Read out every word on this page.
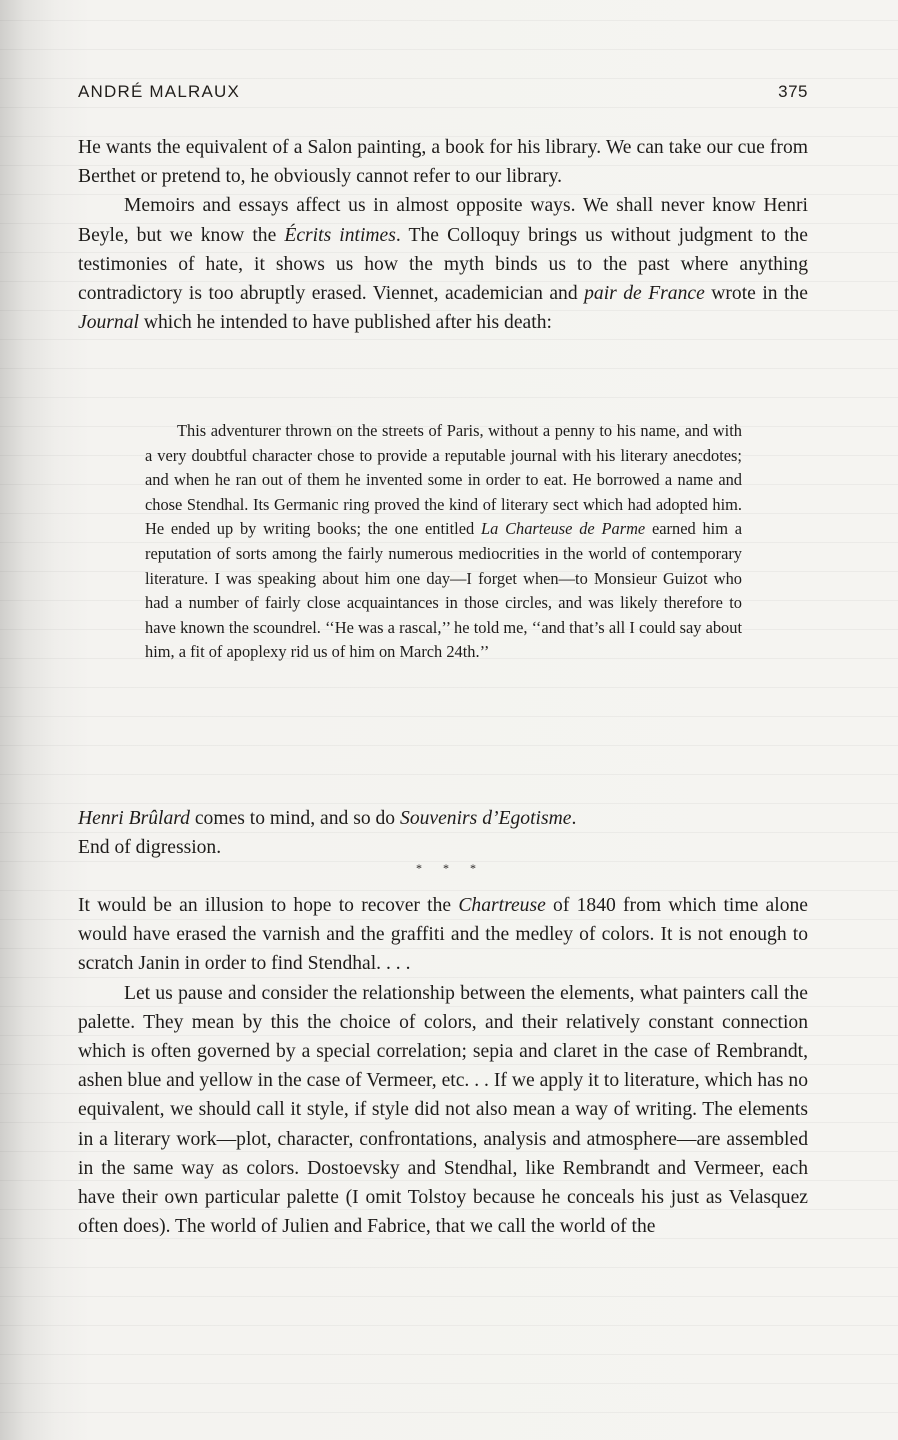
ANDRÉ MALRAUX	375

He wants the equivalent of a Salon painting, a book for his library. We can take our cue from Berthet or pretend to, he obviously cannot refer to our library.

Memoirs and essays affect us in almost opposite ways. We shall never know Henri Beyle, but we know the Écrits intimes. The Colloquy brings us without judgment to the testimonies of hate, it shows us how the myth binds us to the past where anything contradictory is too abruptly erased. Viennet, academician and pair de France wrote in the Journal which he intended to have published after his death:

This adventurer thrown on the streets of Paris, without a penny to his name, and with a very doubtful character chose to provide a reputable journal with his literary anecdotes; and when he ran out of them he invented some in order to eat. He borrowed a name and chose Stendhal. Its Germanic ring proved the kind of literary sect which had adopted him. He ended up by writing books; the one entitled La Charteuse de Parme earned him a reputation of sorts among the fairly numerous mediocrities in the world of contemporary literature. I was speaking about him one day—I forget when—to Monsieur Guizot who had a number of fairly close acquaintances in those circles, and was likely therefore to have known the scoundrel. ‘‘He was a rascal,’’ he told me, ‘‘and that’s all I could say about him, a fit of apoplexy rid us of him on March 24th.’’

Henri Brûlard comes to mind, and so do Souvenirs d’Egotisme.

End of digression.

* * *

It would be an illusion to hope to recover the Chartreuse of 1840 from which time alone would have erased the varnish and the graffiti and the medley of colors. It is not enough to scratch Janin in order to find Stendhal. . . .

Let us pause and consider the relationship between the elements, what painters call the palette. They mean by this the choice of colors, and their relatively constant connection which is often governed by a special correlation; sepia and claret in the case of Rembrandt, ashen blue and yellow in the case of Vermeer, etc. . . If we apply it to literature, which has no equivalent, we should call it style, if style did not also mean a way of writing. The elements in a literary work—plot, character, confrontations, analysis and atmosphere—are assembled in the same way as colors. Dostoevsky and Stendhal, like Rembrandt and Vermeer, each have their own particular palette (I omit Tolstoy because he conceals his just as Velasquez often does). The world of Julien and Fabrice, that we call the world of the
